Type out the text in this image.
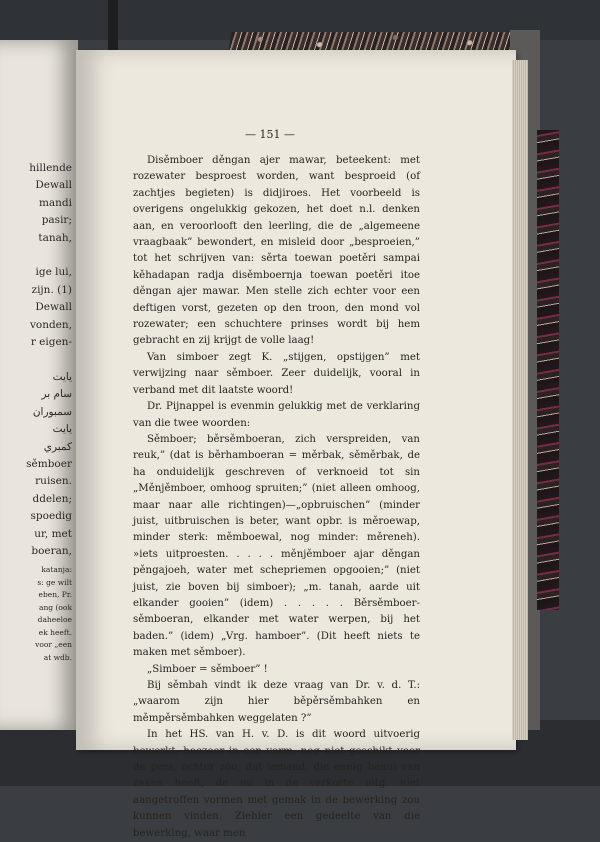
hillende
Dewall
mandi
pasir;
tanah,

ige lui,
zijn. (1)
Dewall
vonden,
r eigen-

يايت
سام بر
سمبوران
يايت
كمبري
sěmboer
ruisen.
ddelen;
spoedig
ur, met
boeran,
katanja:
s: ge wilt
eben, Pr.
ang (ook
daheeloe
ek heeft.
voor „een
at wdb.
— 151 —

Disěmboer děngan ajer mawar, beteekent: met rozewater besproest worden, want besproeid (of zachtjes begieten) is didjiroes. Het voorbeeld is overigens ongelukkig gekozen, het doet n.l. denken aan, en veroorlooft den leerling, die de „algemeene vraagbaak” bewondert, en misleid door „besproeien,” tot het schrijven van: sěrta toewan poetěri sampai kěhadapan radja disěmboernja toewan poetěri itoe děngan ajer mawar. Men stelle zich echter voor een deftigen vorst, gezeten op den troon, den mond vol rozewater; een schuchtere prinses wordt bij hem gebracht en zij krijgt de volle laag!

Van simboer zegt K. „stijgen, opstijgen” met verwijzing naar sěmboer. Zeer duidelijk, vooral in verband met dit laatste woord!

Dr. Pijnappel is evenmin gelukkig met de verklaring van die twee woorden:

Sěmboer; běrsěmboeran, zich verspreiden, van reuk,” (dat is běrhamboeran = měrbak, sěměrbak, de ha onduidelijk geschreven of verknoeid tot sin „Měnjěmboer, omhoog spruiten;” (niet alleen omhoog, maar naar alle richtingen)—„opbruischen” (minder juist, uitbruischen is beter, want opbr. is měroewap, minder sterk: měmboewal, nog minder: měreneh). »iets uitproesten. . . . . měnjěmboer ajar děngan pěngajoeh, water met schepriemen opgooien;” (niet juist, zie boven bij simboer); „m. tanah, aarde uit elkander gooien” (idem) . . . . . Běrsěmboer-sěmboeran, elkander met water werpen, bij het baden.” (idem) „Vrg. hamboer”. (Dit heeft niets te maken met sěmboer).

„Simboer = sěmboer” !

Bij sěmbah vindt ik deze vraag van Dr. v. d. T.: „waarom zijn hier běpěrsěmbahken en měmpěrsěmbahken weggelaten ?”

In het HS. van H. v. D. is dit woord uitvoerig bewerkt, hoezeer in een vorm, nog niet geschikt voor de pers, echter zóo, dat iemand, die eenig benul van zaken heeft, de nu in de verkorte uitg. niet aangetroffen vormen met gemak in de bewerking zou kunnen vinden. Ziehier een gedeelte van die bewerking, waar men
